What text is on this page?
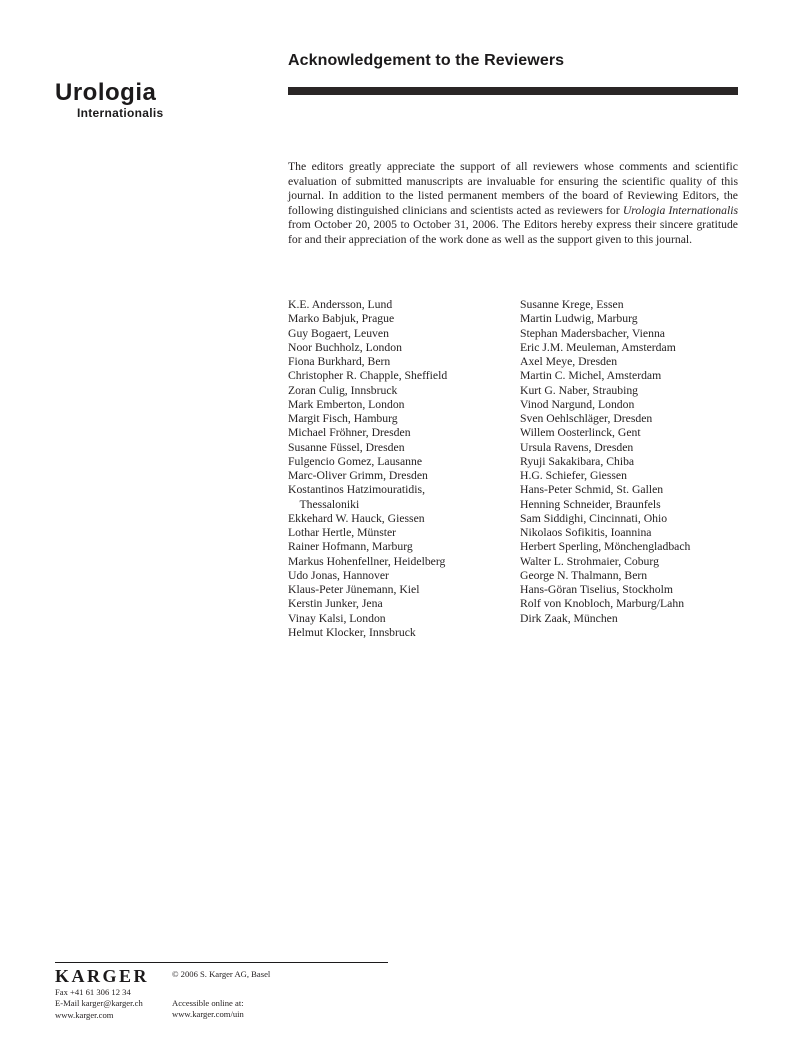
Urologia
Internationalis
Acknowledgement to the Reviewers

The editors greatly appreciate the support of all reviewers whose comments and scientific evaluation of submitted manuscripts are invaluable for ensuring the scientific quality of this journal. In addition to the listed permanent members of the board of Reviewing Editors, the following distinguished clinicians and scientists acted as reviewers for Urologia Internationalis from October 20, 2005 to October 31, 2006. The Editors hereby express their sincere gratitude for and their appreciation of the work done as well as the support given to this journal.

K.E. Andersson, Lund
Marko Babjuk, Prague
Guy Bogaert, Leuven
Noor Buchholz, London
Fiona Burkhard, Bern
Christopher R. Chapple, Sheffield
Zoran Culig, Innsbruck
Mark Emberton, London
Margit Fisch, Hamburg
Michael Fröhner, Dresden
Susanne Füssel, Dresden
Fulgencio Gomez, Lausanne
Marc-Oliver Grimm, Dresden
Kostantinos Hatzimouratidis,
Thessaloniki
Ekkehard W. Hauck, Giessen
Lothar Hertle, Münster
Rainer Hofmann, Marburg
Markus Hohenfellner, Heidelberg
Udo Jonas, Hannover
Klaus-Peter Jünemann, Kiel
Kerstin Junker, Jena
Vinay Kalsi, London
Helmut Klocker, Innsbruck
Susanne Krege, Essen
Martin Ludwig, Marburg
Stephan Madersbacher, Vienna
Eric J.M. Meuleman, Amsterdam
Axel Meye, Dresden
Martin C. Michel, Amsterdam
Kurt G. Naber, Straubing
Vinod Nargund, London
Sven Oehlschläger, Dresden
Willem Oosterlinck, Gent
Ursula Ravens, Dresden
Ryuji Sakakibara, Chiba
H.G. Schiefer, Giessen
Hans-Peter Schmid, St. Gallen
Henning Schneider, Braunfels
Sam Siddighi, Cincinnati, Ohio
Nikolaos Sofikitis, Ioannina
Herbert Sperling, Mönchengladbach
Walter L. Strohmaier, Coburg
George N. Thalmann, Bern
Hans-Göran Tiselius, Stockholm
Rolf von Knobloch, Marburg/Lahn
Dirk Zaak, München
KARGER
Fax +41 61 306 12 34
E-Mail karger@karger.ch
www.karger.com
© 2006 S. Karger AG, Basel
Accessible online at:
www.karger.com/uin
